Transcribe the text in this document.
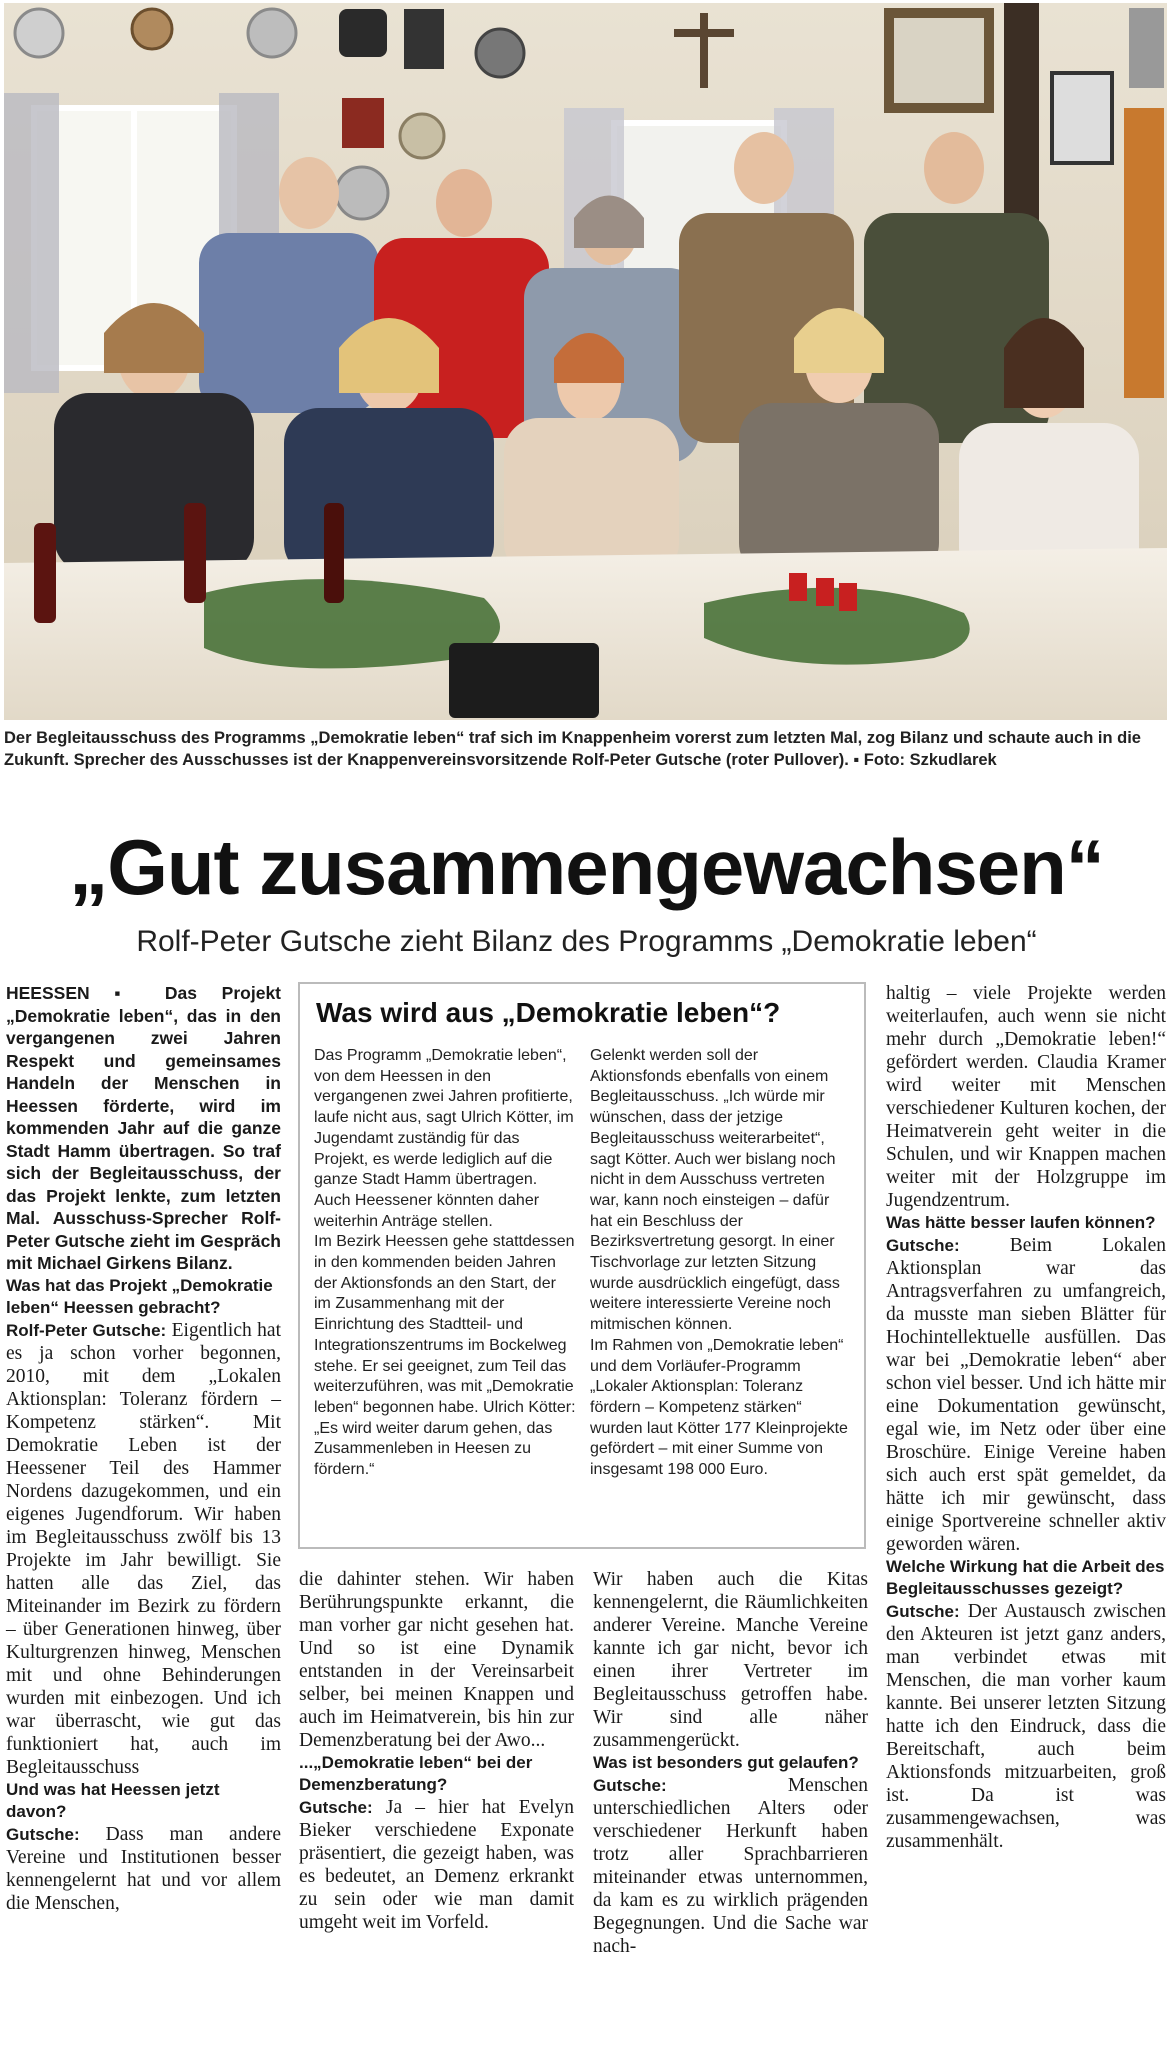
Der Begleitausschuss des Programms „Demokratie leben“ traf sich im Knappenheim vorerst zum letzten Mal, zog Bilanz und schaute auch in die Zukunft. Sprecher des Ausschusses ist der Knappenvereinsvorsitzende Rolf-Peter Gutsche (roter Pullover). ▪ Foto: Szkudlarek
„Gut zusammengewachsen“
Rolf-Peter Gutsche zieht Bilanz des Programms „Demokratie leben“

HEESSEN ▪ Das Projekt „Demokratie leben“, das in den vergangenen zwei Jahren Respekt und gemeinsames Handeln der Menschen in Heessen förderte, wird im kommenden Jahr auf die ganze Stadt Hamm übertragen. So traf sich der Begleitausschuss, der das Projekt lenkte, zum letzten Mal. Ausschuss-Sprecher Rolf-Peter Gutsche zieht im Gespräch mit Michael Girkens Bilanz.

Was hat das Projekt „Demokratie leben“ Heessen gebracht?

Rolf-Peter Gutsche: Eigentlich hat es ja schon vorher begonnen, 2010, mit dem „Lokalen Aktionsplan: Toleranz fördern – Kompetenz stärken“. Mit Demokratie Leben ist der Heessener Teil des Hammer Nordens dazugekommen, und ein eigenes Jugendforum. Wir haben im Begleitausschuss zwölf bis 13 Projekte im Jahr bewilligt. Sie hatten alle das Ziel, das Miteinander im Bezirk zu fördern – über Generationen hinweg, über Kulturgrenzen hinweg, Menschen mit und ohne Behinderungen wurden mit einbezogen. Und ich war überrascht, wie gut das funktioniert hat, auch im Begleitausschuss

Und was hat Heessen jetzt davon?

Gutsche: Dass man andere Vereine und Institutionen besser kennengelernt hat und vor allem die Menschen,

Was wird aus „Demokratie leben“?

Das Programm „Demokratie leben“, von dem Heessen in den vergangenen zwei Jahren profitierte, laufe nicht aus, sagt Ulrich Kötter, im Jugendamt zuständig für das Projekt, es werde lediglich auf die ganze Stadt Hamm übertragen. Auch Heessener könnten daher weiterhin Anträge stellen.

Im Bezirk Heessen gehe stattdessen in den kommenden beiden Jahren der Aktionsfonds an den Start, der im Zusammenhang mit der Einrichtung des Stadtteil- und Integrationszentrums im Bockelweg stehe. Er sei geeignet, zum Teil das weiterzuführen, was mit „Demokratie leben“ begonnen habe. Ulrich Kötter: „Es wird weiter darum gehen, das Zusammenleben in Heesen zu fördern.“

Gelenkt werden soll der Aktionsfonds ebenfalls von einem Begleitausschuss. „Ich würde mir wünschen, dass der jetzige Begleitausschuss weiterarbeitet“, sagt Kötter. Auch wer bislang noch nicht in dem Ausschuss vertreten war, kann noch einsteigen – dafür hat ein Beschluss der Bezirksvertretung gesorgt. In einer Tischvorlage zur letzten Sitzung wurde ausdrücklich eingefügt, dass weitere interessierte Vereine noch mitmischen können.

Im Rahmen von „Demokratie leben“ und dem Vorläufer-Programm „Lokaler Aktionsplan: Toleranz fördern – Kompetenz stärken“ wurden laut Kötter 177 Kleinprojekte gefördert – mit einer Summe von insgesamt 198 000 Euro.

die dahinter stehen. Wir haben Berührungspunkte erkannt, die man vorher gar nicht gesehen hat. Und so ist eine Dynamik entstanden in der Vereinsarbeit selber, bei meinen Knappen und auch im Heimatverein, bis hin zur Demenzberatung bei der Awo...

...„Demokratie leben“ bei der Demenzberatung?

Gutsche: Ja – hier hat Evelyn Bieker verschiedene Exponate präsentiert, die gezeigt haben, was es bedeutet, an Demenz erkrankt zu sein oder wie man damit umgeht weit im Vorfeld.

Wir haben auch die Kitas kennengelernt, die Räumlichkeiten anderer Vereine. Manche Vereine kannte ich gar nicht, bevor ich einen ihrer Vertreter im Begleitausschuss getroffen habe. Wir sind alle näher zusammengerückt.

Was ist besonders gut gelaufen?

Gutsche: Menschen unterschiedlichen Alters oder verschiedener Herkunft haben trotz aller Sprachbarrieren miteinander etwas unternommen, da kam es zu wirklich prägenden Begegnungen. Und die Sache war nach-

haltig – viele Projekte werden weiterlaufen, auch wenn sie nicht mehr durch „Demokratie leben!“ gefördert werden. Claudia Kramer wird weiter mit Menschen verschiedener Kulturen kochen, der Heimatverein geht weiter in die Schulen, und wir Knappen machen weiter mit der Holzgruppe im Jugendzentrum.

Was hätte besser laufen können?

Gutsche: Beim Lokalen Aktionsplan war das Antragsverfahren zu umfangreich, da musste man sieben Blätter für Hochintellektuelle ausfüllen. Das war bei „Demokratie leben“ aber schon viel besser. Und ich hätte mir eine Dokumentation gewünscht, egal wie, im Netz oder über eine Broschüre. Einige Vereine haben sich auch erst spät gemeldet, da hätte ich mir gewünscht, dass einige Sportvereine schneller aktiv geworden wären.

Welche Wirkung hat die Arbeit des Begleitausschusses gezeigt?

Gutsche: Der Austausch zwischen den Akteuren ist jetzt ganz anders, man verbindet etwas mit Menschen, die man vorher kaum kannte. Bei unserer letzten Sitzung hatte ich den Eindruck, dass die Bereitschaft, auch beim Aktionsfonds mitzuarbeiten, groß ist. Da ist was zusammengewachsen, was zusammenhält.
